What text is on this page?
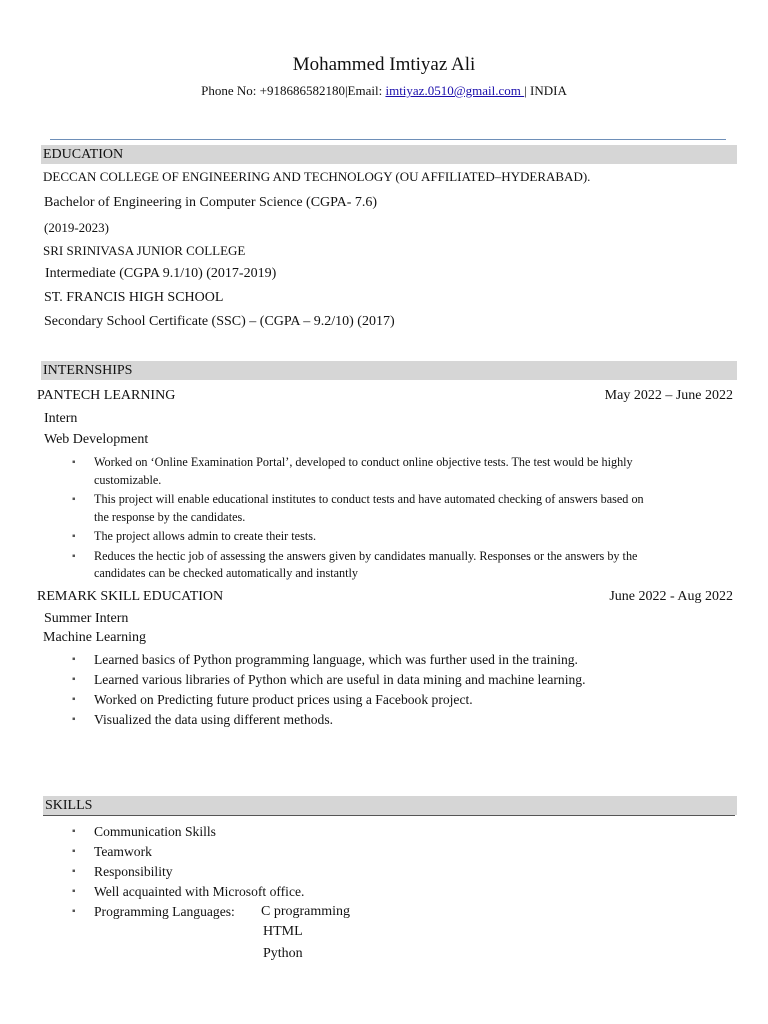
Mohammed Imtiyaz Ali
Phone No: +918686582180|Email: imtiyaz.0510@gmail.com | INDIA
EDUCATION
DECCAN COLLEGE OF ENGINEERING AND TECHNOLOGY (OU AFFILIATED–HYDERABAD).
Bachelor of Engineering in Computer Science (CGPA- 7.6)
(2019-2023)
SRI SRINIVASA JUNIOR COLLEGE
Intermediate (CGPA 9.1/10) (2017-2019)
ST. FRANCIS HIGH SCHOOL
Secondary School Certificate (SSC) – (CGPA – 9.2/10) (2017)
INTERNSHIPS
PANTECH LEARNING	May 2022 – June 2022
Intern
Web Development
▪ Worked on ‘Online Examination Portal’, developed to conduct online objective tests. The test would be highly
customizable.
▪ This project will enable educational institutes to conduct tests and have automated checking of answers based on
the response by the candidates.
▪ The project allows admin to create their tests.
▪ Reduces the hectic job of assessing the answers given by candidates manually. Responses or the answers by the
candidates can be checked automatically and instantly
REMARK SKILL EDUCATION	June 2022 - Aug 2022
Summer Intern
Machine Learning
▪ Learned basics of Python programming language, which was further used in the training.
▪ Learned various libraries of Python which are useful in data mining and machine learning.
▪ Worked on Predicting future product prices using a Facebook project.
▪ Visualized the data using different methods.
SKILLS
▪ Communication Skills
▪ Teamwork
▪ Responsibility
▪ Well acquainted with Microsoft office.
▪ Programming Languages:	C programming
HTML
Python
